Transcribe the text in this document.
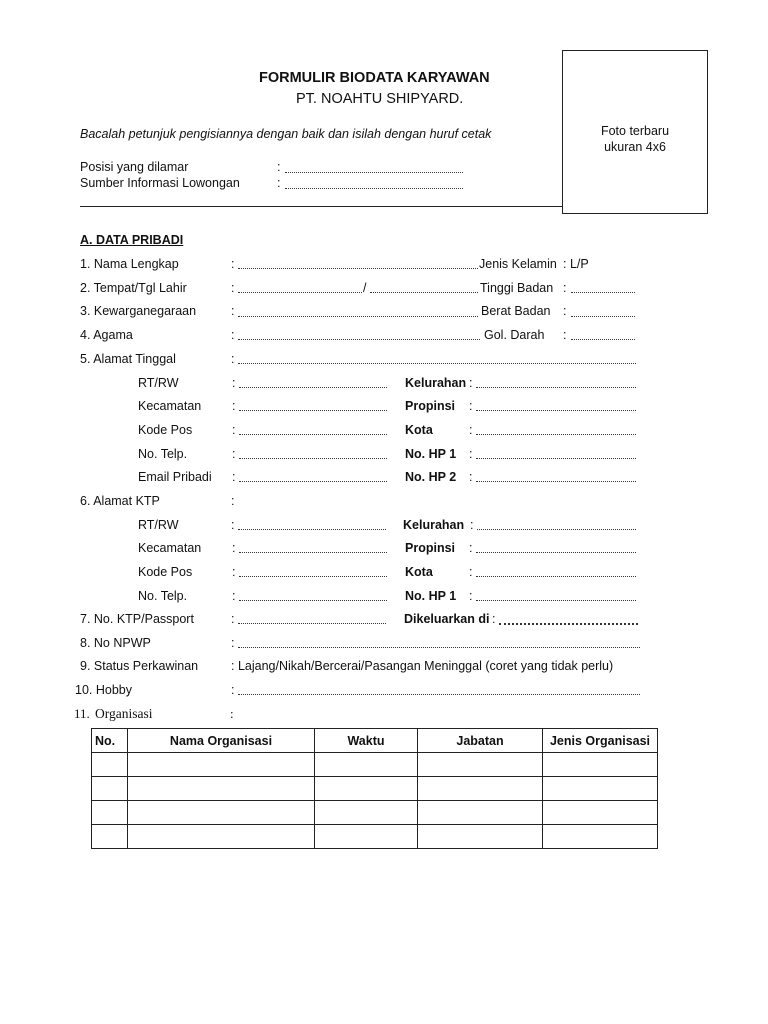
FORMULIR BIODATA KARYAWAN
PT. NOAHTU SHIPYARD.
Bacalah petunjuk pengisiannya dengan baik dan isilah dengan huruf cetak	Foto terbaru
ukuran 4x6
Posisi yang dilamar	:
Sumber Informasi Lowongan	:
A. DATA PRIBADI
1. Nama Lengkap	:	Jenis Kelamin : L/P
2. Tempat/Tgl Lahir	:	/	Tinggi Badan :
3. Kewarganegaraan	:	Berat Badan :
4. Agama	:	Gol. Darah :
5. Alamat Tinggal	:
RT/RW	:	Kelurahan :
Kecamatan :	Propinsi :
Kode Pos	:	Kota	:
No. Telp.	:	No. HP 1 :
Email Pribadi :	No. HP 2 :
6. Alamat KTP	:
RT/RW	:	Kelurahan :
Kecamatan :	Propinsi :
Kode Pos	:	Kota	:
No. Telp.	:	No. HP 1 :
7. No. KTP/Passport	:	Dikeluarkan di :
8. No NPWP	:
9. Status Perkawinan	: Lajang/Nikah/Bercerai/Pasangan Meninggal (coret yang tidak perlu)
10. Hobby	:
11. Organisasi	:
No.	Nama Organisasi	Waktu	Jabatan	Jenis Organisasi
